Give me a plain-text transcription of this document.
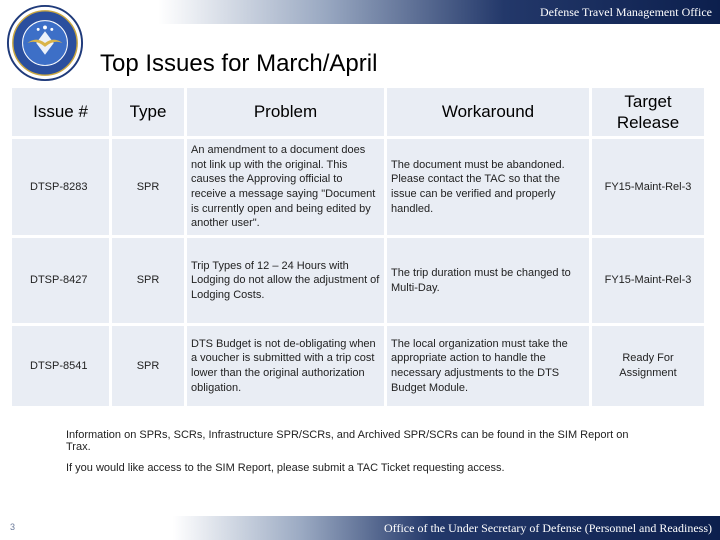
Defense Travel Management Office
Top Issues for March/April
Issue #	Type	Problem	Workaround	Target Release
DTSP-8283	SPR	An amendment to a document does not link up with the original. This causes the Approving official to receive a message saying "Document is currently open and being edited by another user".	The document must be abandoned. Please contact the TAC so that the issue can be verified and properly handled.	FY15-Maint-Rel-3
DTSP-8427	SPR	Trip Types of 12 – 24 Hours with Lodging do not allow the adjustment of Lodging Costs.	The trip duration must be changed to Multi-Day.	FY15-Maint-Rel-3
DTSP-8541	SPR	DTS Budget is not de-obligating when a voucher is submitted with a trip cost lower than the original authorization obligation.	The local organization must take the appropriate action to handle the necessary adjustments to the DTS Budget Module.	Ready For Assignment
Information on SPRs, SCRs, Infrastructure SPR/SCRs, and Archived SPR/SCRs can be found in the SIM Report on Trax.
If you would like access to the SIM Report, please submit a TAC Ticket requesting access.
3	Office of the Under Secretary of Defense (Personnel and Readiness)
